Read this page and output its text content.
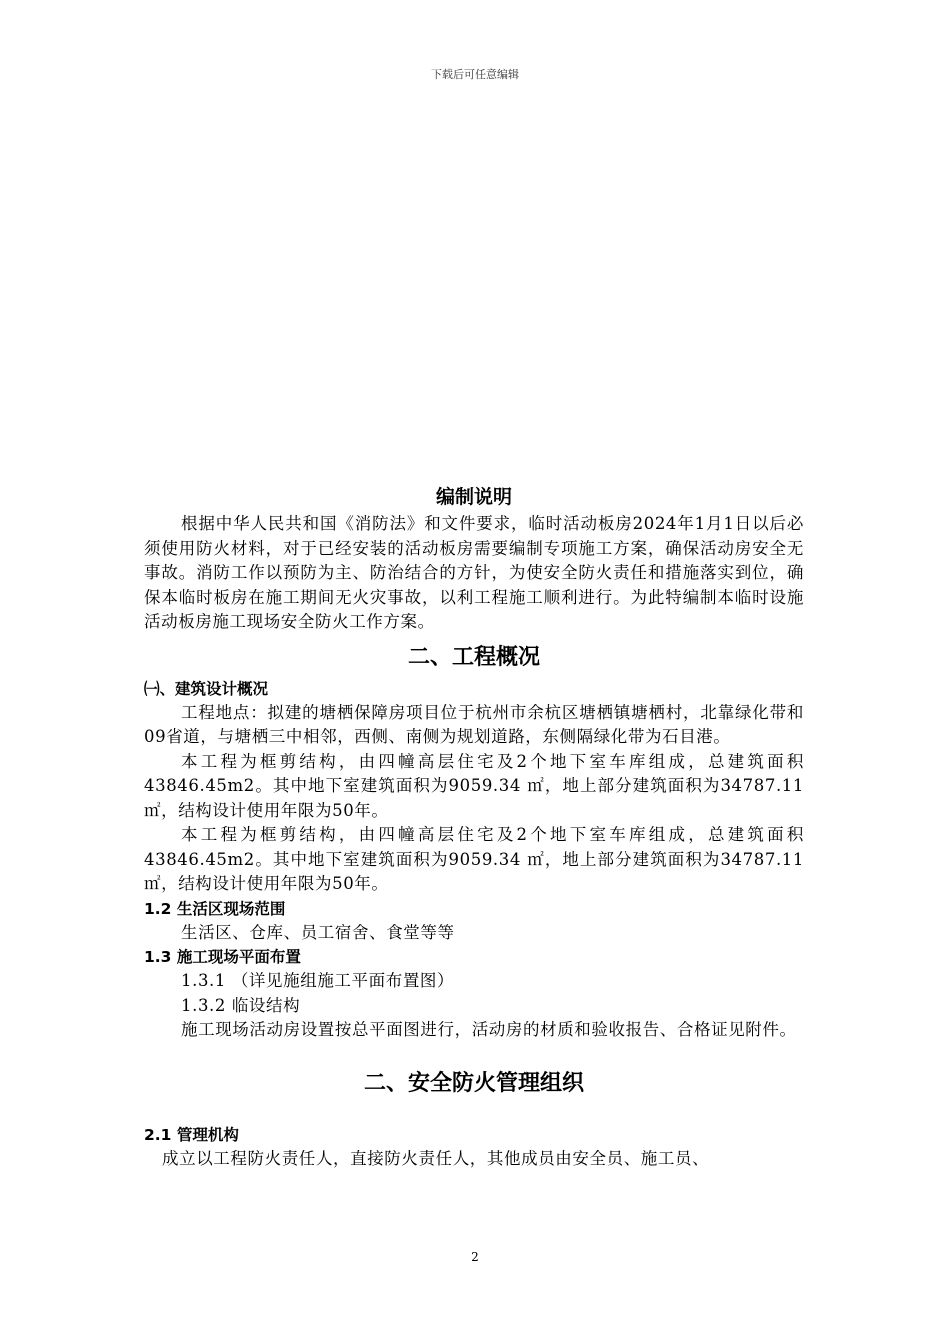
下载后可任意编辑

编制说明

根据中华人民共和国《消防法》和文件要求，临时活动板房2024年1月1日以后必须使用防火材料，对于已经安装的活动板房需要编制专项施工方案，确保活动房安全无事故。消防工作以预防为主、防治结合的方针，为使安全防火责任和措施落实到位，确保本临时板房在施工期间无火灾事故，以利工程施工顺利进行。为此特编制本临时设施活动板房施工现场安全防火工作方案。

二、工程概况

㈠、建筑设计概况

工程地点：拟建的塘栖保障房项目位于杭州市余杭区塘栖镇塘栖村，北靠绿化带和09省道，与塘栖三中相邻，西侧、南侧为规划道路，东侧隔绿化带为石目港。

本工程为框剪结构，由四幢高层住宅及2个地下室车库组成，总建筑面积43846.45m2。其中地下室建筑面积为9059.34 ㎡，地上部分建筑面积为34787.11㎡，结构设计使用年限为50年。

本工程为框剪结构，由四幢高层住宅及2个地下室车库组成，总建筑面积43846.45m2。其中地下室建筑面积为9059.34 ㎡，地上部分建筑面积为34787.11㎡，结构设计使用年限为50年。

1.2 生活区现场范围

生活区、仓库、员工宿舍、食堂等等

1.3 施工现场平面布置

1.3.1 （详见施组施工平面布置图）

1.3.2 临设结构

施工现场活动房设置按总平面图进行，活动房的材质和验收报告、合格证见附件。

二、安全防火管理组织

2.1 管理机构

成立以工程防火责任人，直接防火责任人，其他成员由安全员、施工员、

2
